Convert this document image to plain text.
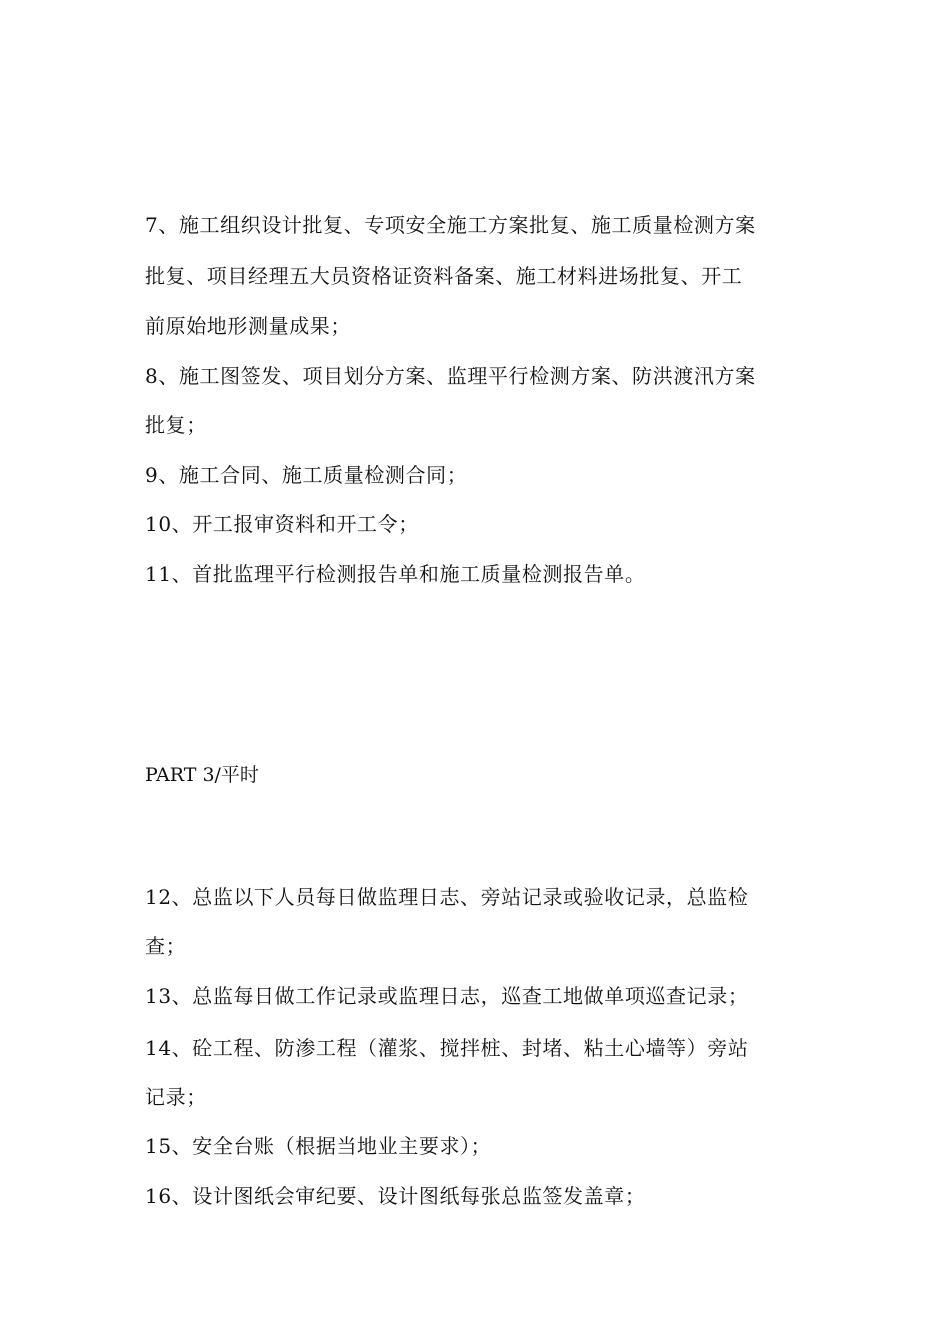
7、施工组织设计批复、专项安全施工方案批复、施工质量检测方案
批复、项目经理五大员资格证资料备案、施工材料进场批复、开工
前原始地形测量成果；
8、施工图签发、项目划分方案、监理平行检测方案、防洪渡汛方案
批复；
9、施工合同、施工质量检测合同；
10、开工报审资料和开工令；
11、首批监理平行检测报告单和施工质量检测报告单。
PART 3/平时
12、总监以下人员每日做监理日志、旁站记录或验收记录，总监检
查；
13、总监每日做工作记录或监理日志，巡查工地做单项巡查记录；
14、砼工程、防渗工程（灌浆、搅拌桩、封堵、粘土心墙等）旁站
记录；
15、安全台账（根据当地业主要求）；
16、设计图纸会审纪要、设计图纸每张总监签发盖章；
